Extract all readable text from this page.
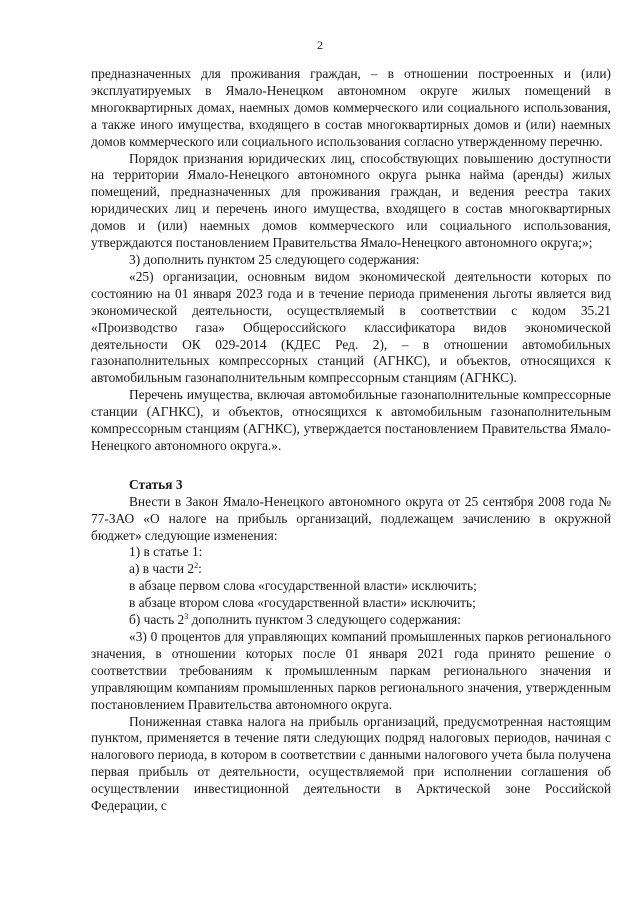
2

предназначенных для проживания граждан, – в отношении построенных и (или) эксплуатируемых в Ямало-Ненецком автономном округе жилых помещений в многоквартирных домах, наемных домов коммерческого или социального использования, а также иного имущества, входящего в состав многоквартирных домов и (или) наемных домов коммерческого или социального использования согласно утвержденному перечню.

Порядок признания юридических лиц, способствующих повышению доступности на территории Ямало-Ненецкого автономного округа рынка найма (аренды) жилых помещений, предназначенных для проживания граждан, и ведения реестра таких юридических лиц и перечень иного имущества, входящего в состав многоквартирных домов и (или) наемных домов коммерческого или социального использования, утверждаются постановлением Правительства Ямало-Ненецкого автономного округа;»;

3) дополнить пунктом 25 следующего содержания:

«25) организации, основным видом экономической деятельности которых по состоянию на 01 января 2023 года и в течение периода применения льготы является вид экономической деятельности, осуществляемый в соответствии с кодом 35.21 «Производство газа» Общероссийского классификатора видов экономической деятельности ОК 029-2014 (КДЕС Ред. 2), – в отношении автомобильных газонаполнительных компрессорных станций (АГНКС), и объектов, относящихся к автомобильным газонаполнительным компрессорным станциям (АГНКС).

Перечень имущества, включая автомобильные газонаполнительные компрессорные станции (АГНКС), и объектов, относящихся к автомобильным газонаполнительным компрессорным станциям (АГНКС), утверждается постановлением Правительства Ямало-Ненецкого автономного округа.».

Статья 3

Внести в Закон Ямало-Ненецкого автономного округа от 25 сентября 2008 года № 77-ЗАО «О налоге на прибыль организаций, подлежащем зачислению в окружной бюджет» следующие изменения:

1) в статье 1:

а) в части $2^2$:

в абзаце первом слова «государственной власти» исключить;

в абзаце втором слова «государственной власти» исключить;

б) часть $2^3$ дополнить пунктом 3 следующего содержания:

«3) 0 процентов для управляющих компаний промышленных парков регионального значения, в отношении которых после 01 января 2021 года принято решение о соответствии требованиям к промышленным паркам регионального значения и управляющим компаниям промышленных парков регионального значения, утвержденным постановлением Правительства автономного округа.

Пониженная ставка налога на прибыль организаций, предусмотренная настоящим пунктом, применяется в течение пяти следующих подряд налоговых периодов, начиная с налогового периода, в котором в соответствии с данными налогового учета была получена первая прибыль от деятельности, осуществляемой при исполнении соглашения об осуществлении инвестиционной деятельности в Арктической зоне Российской Федерации, с
